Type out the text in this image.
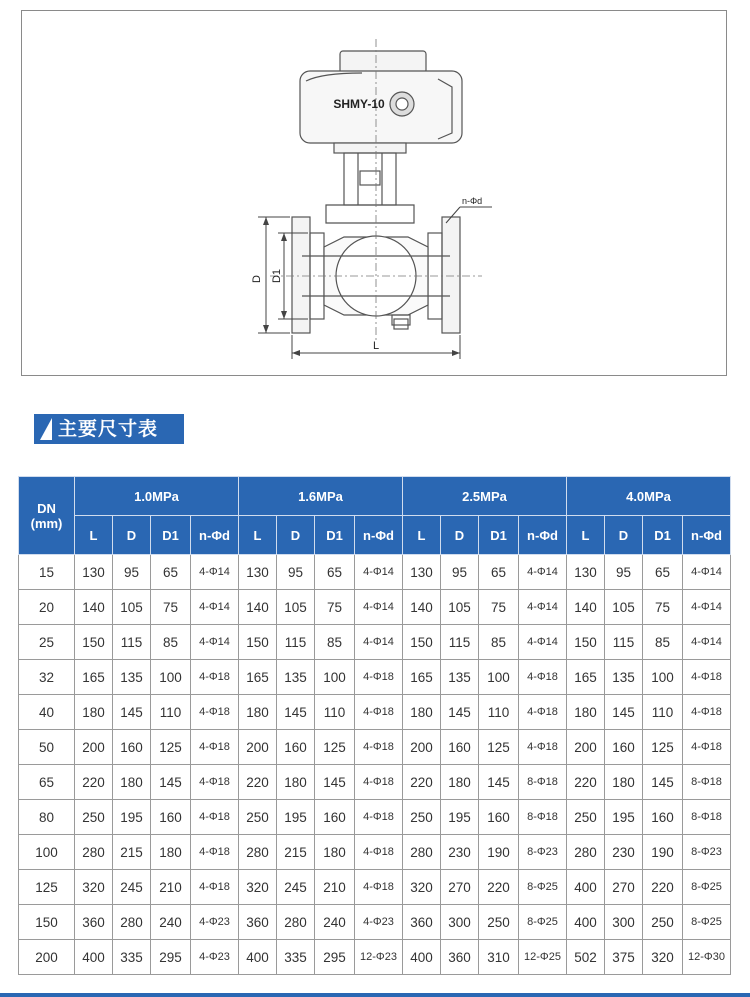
SHMY-10
D D1
L
n-Φd
主要尺寸表
DN
(mm)	1.0MPa				1.6MPa				2.5MPa				4.0MPa			
	L	D	D1	n-Φd	L	D	D1	n-Φd	L	D	D1	n-Φd	L	D	D1	n-Φd
15	130	95	65	4-Φ14	130	95	65	4-Φ14	130	95	65	4-Φ14	130	95	65	4-Φ14
20	140	105	75	4-Φ14	140	105	75	4-Φ14	140	105	75	4-Φ14	140	105	75	4-Φ14
25	150	115	85	4-Φ14	150	115	85	4-Φ14	150	115	85	4-Φ14	150	115	85	4-Φ14
32	165	135	100	4-Φ18	165	135	100	4-Φ18	165	135	100	4-Φ18	165	135	100	4-Φ18
40	180	145	110	4-Φ18	180	145	110	4-Φ18	180	145	110	4-Φ18	180	145	110	4-Φ18
50	200	160	125	4-Φ18	200	160	125	4-Φ18	200	160	125	4-Φ18	200	160	125	4-Φ18
65	220	180	145	4-Φ18	220	180	145	4-Φ18	220	180	145	8-Φ18	220	180	145	8-Φ18
80	250	195	160	4-Φ18	250	195	160	4-Φ18	250	195	160	8-Φ18	250	195	160	8-Φ18
100	280	215	180	4-Φ18	280	215	180	4-Φ18	280	230	190	8-Φ23	280	230	190	8-Φ23
125	320	245	210	4-Φ18	320	245	210	4-Φ18	320	270	220	8-Φ25	400	270	220	8-Φ25
150	360	280	240	4-Φ23	360	280	240	4-Φ23	360	300	250	8-Φ25	400	300	250	8-Φ25
200	400	335	295	4-Φ23	400	335	295	12-Φ23	400	360	310	12-Φ25	502	375	320	12-Φ30
